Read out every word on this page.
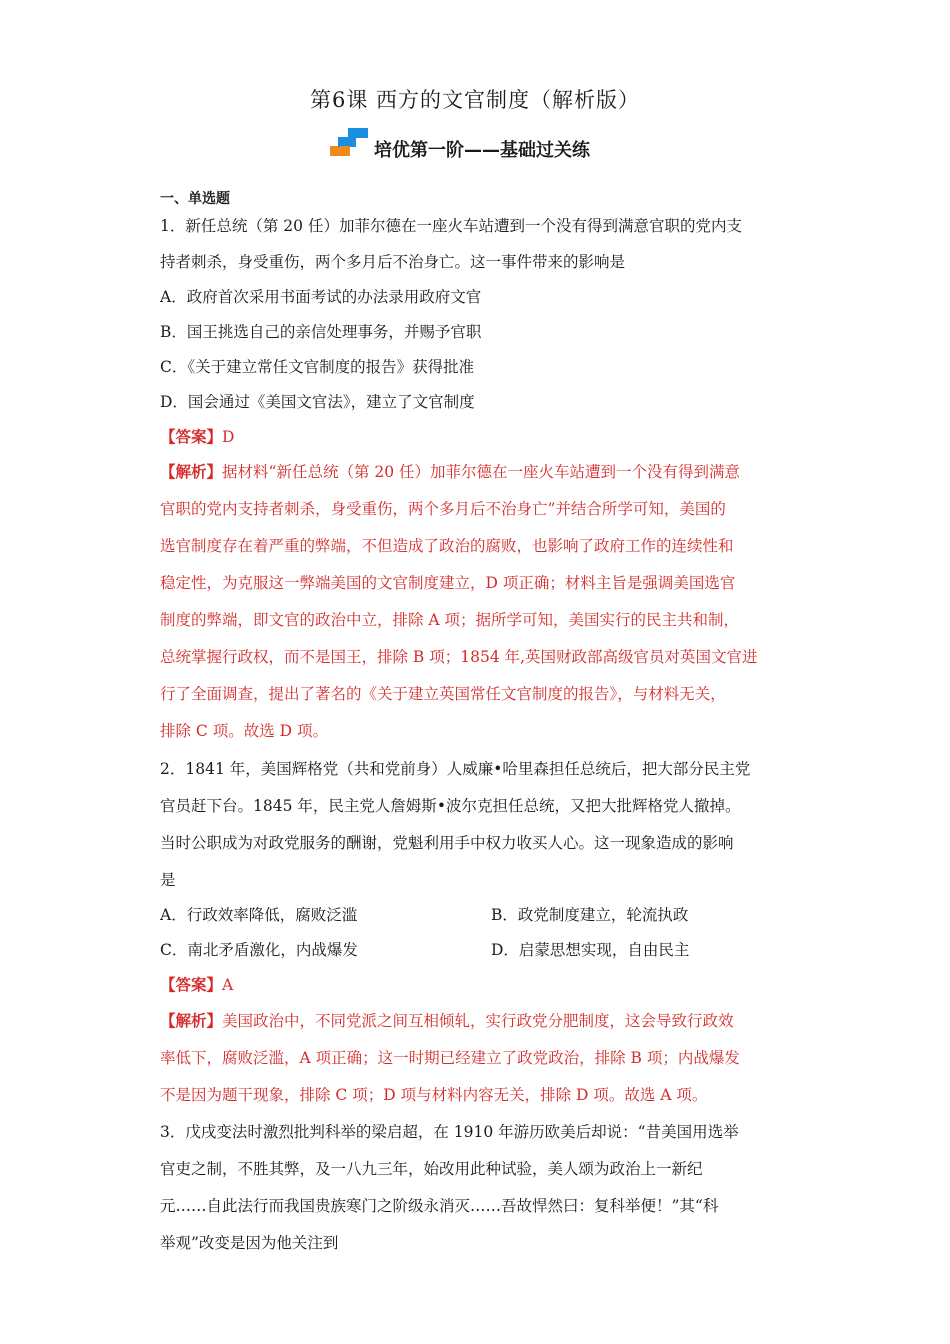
第6课 西方的文官制度（解析版）
培优第一阶——基础过关练
一、单选题
1．新任总统（第 20 任）加菲尔德在一座火车站遭到一个没有得到满意官职的党内支
持者刺杀，身受重伤，两个多月后不治身亡。这一事件带来的影响是
A．政府首次采用书面考试的办法录用政府文官
B．国王挑选自己的亲信处理事务，并赐予官职
C．《关于建立常任文官制度的报告》获得批准
D．国会通过《美国文官法》，建立了文官制度
【答案】D
【解析】据材料“新任总统（第 20 任）加菲尔德在一座火车站遭到一个没有得到满意
官职的党内支持者刺杀，身受重伤，两个多月后不治身亡”并结合所学可知，美国的
选官制度存在着严重的弊端，不但造成了政治的腐败，也影响了政府工作的连续性和
稳定性，为克服这一弊端美国的文官制度建立，D 项正确；材料主旨是强调美国选官
制度的弊端，即文官的政治中立，排除 A 项；据所学可知，美国实行的民主共和制，
总统掌握行政权，而不是国王，排除 B 项；1854 年,英国财政部高级官员对英国文官进
行了全面调查，提出了著名的《关于建立英国常任文官制度的报告》，与材料无关，
排除 C 项。故选 D 项。
2．1841 年，美国辉格党（共和党前身）人威廉•哈里森担任总统后，把大部分民主党
官员赶下台。1845 年，民主党人詹姆斯•波尔克担任总统，又把大批辉格党人撤掉。
当时公职成为对政党服务的酬谢，党魁利用手中权力收买人心。这一现象造成的影响
是
A．行政效率降低，腐败泛滥	B．政党制度建立，轮流执政
C．南北矛盾激化，内战爆发	D．启蒙思想实现，自由民主
【答案】A
【解析】美国政治中，不同党派之间互相倾轧，实行政党分肥制度，这会导致行政效
率低下，腐败泛滥，A 项正确；这一时期已经建立了政党政治，排除 B 项；内战爆发
不是因为题干现象，排除 C 项；D 项与材料内容无关，排除 D 项。故选 A 项。
3．戊戌变法时激烈批判科举的梁启超，在 1910 年游历欧美后却说：“昔美国用选举
官吏之制，不胜其弊，及一八九三年，始改用此种试验，美人颂为政治上一新纪
元……自此法行而我国贵族寒门之阶级永消灭……吾故悍然曰：复科举便！”其“科
举观”改变是因为他关注到
